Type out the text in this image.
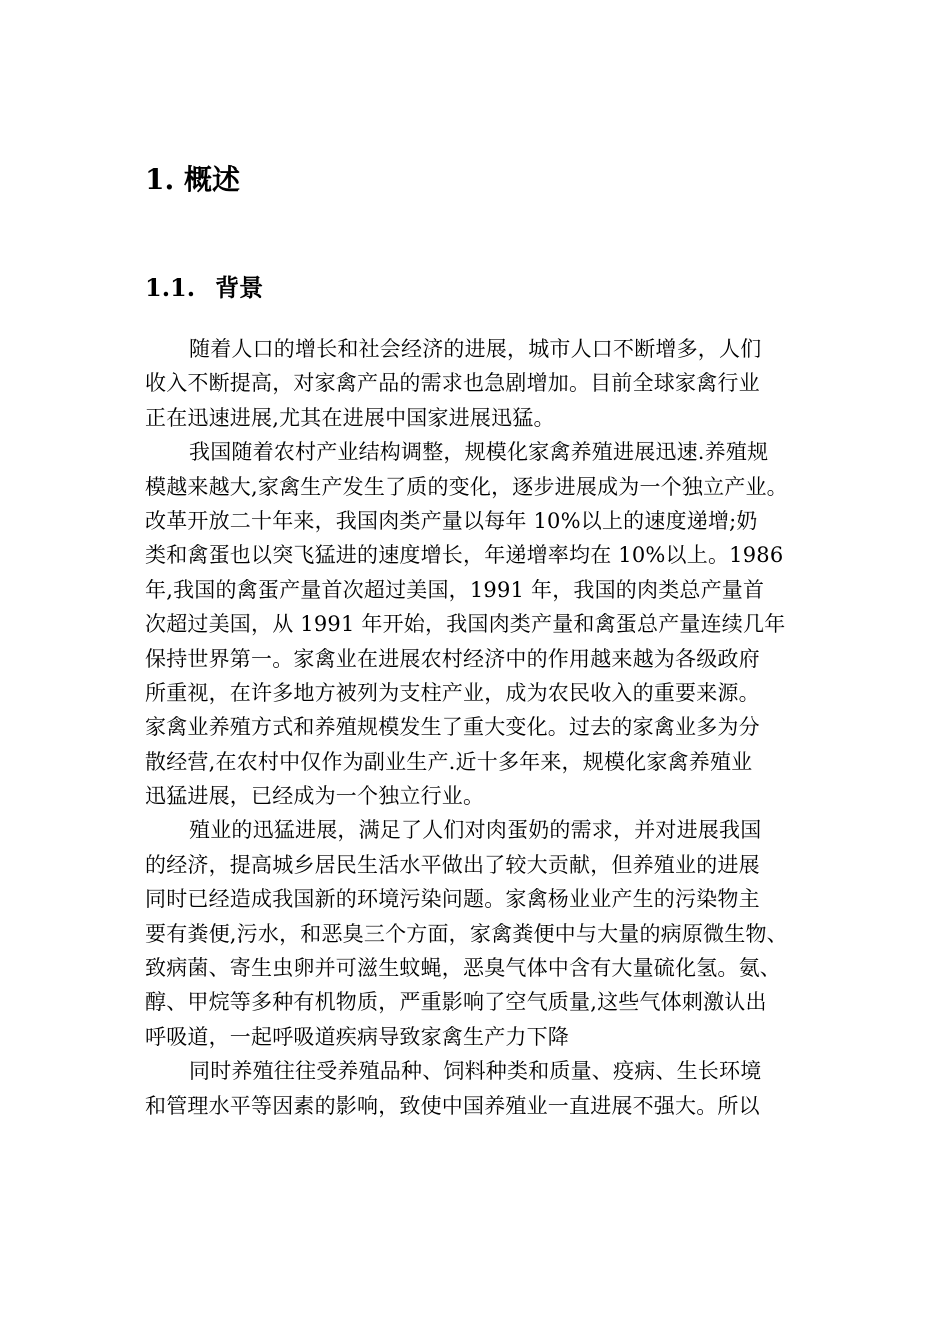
1. 概述
1.1. 背景
随着人口的增长和社会经济的进展，城市人口不断增多，人们
收入不断提高，对家禽产品的需求也急剧增加。目前全球家禽行业
正在迅速进展,尤其在进展中国家进展迅猛。
我国随着农村产业结构调整，规模化家禽养殖进展迅速.养殖规
模越来越大,家禽生产发生了质的变化，逐步进展成为一个独立产业。
改革开放二十年来，我国肉类产量以每年 10%以上的速度递增;奶
类和禽蛋也以突飞猛进的速度增长，年递增率均在 10%以上。1986
年,我国的禽蛋产量首次超过美国，1991 年，我国的肉类总产量首
次超过美国，从 1991 年开始，我国肉类产量和禽蛋总产量连续几年
保持世界第一。家禽业在进展农村经济中的作用越来越为各级政府
所重视，在许多地方被列为支柱产业，成为农民收入的重要来源。
家禽业养殖方式和养殖规模发生了重大变化。过去的家禽业多为分
散经营,在农村中仅作为副业生产.近十多年来，规模化家禽养殖业
迅猛进展，已经成为一个独立行业。
殖业的迅猛进展，满足了人们对肉蛋奶的需求，并对进展我国
的经济，提高城乡居民生活水平做出了较大贡献，但养殖业的进展
同时已经造成我国新的环境污染问题。家禽杨业业产生的污染物主
要有粪便,污水，和恶臭三个方面，家禽粪便中与大量的病原微生物、
致病菌、寄生虫卵并可滋生蚊蝇，恶臭气体中含有大量硫化氢。氨、
醇、甲烷等多种有机物质，严重影响了空气质量,这些气体刺激认出
呼吸道，一起呼吸道疾病导致家禽生产力下降
同时养殖往往受养殖品种、饲料种类和质量、疫病、生长环境
和管理水平等因素的影响，致使中国养殖业一直进展不强大。所以
